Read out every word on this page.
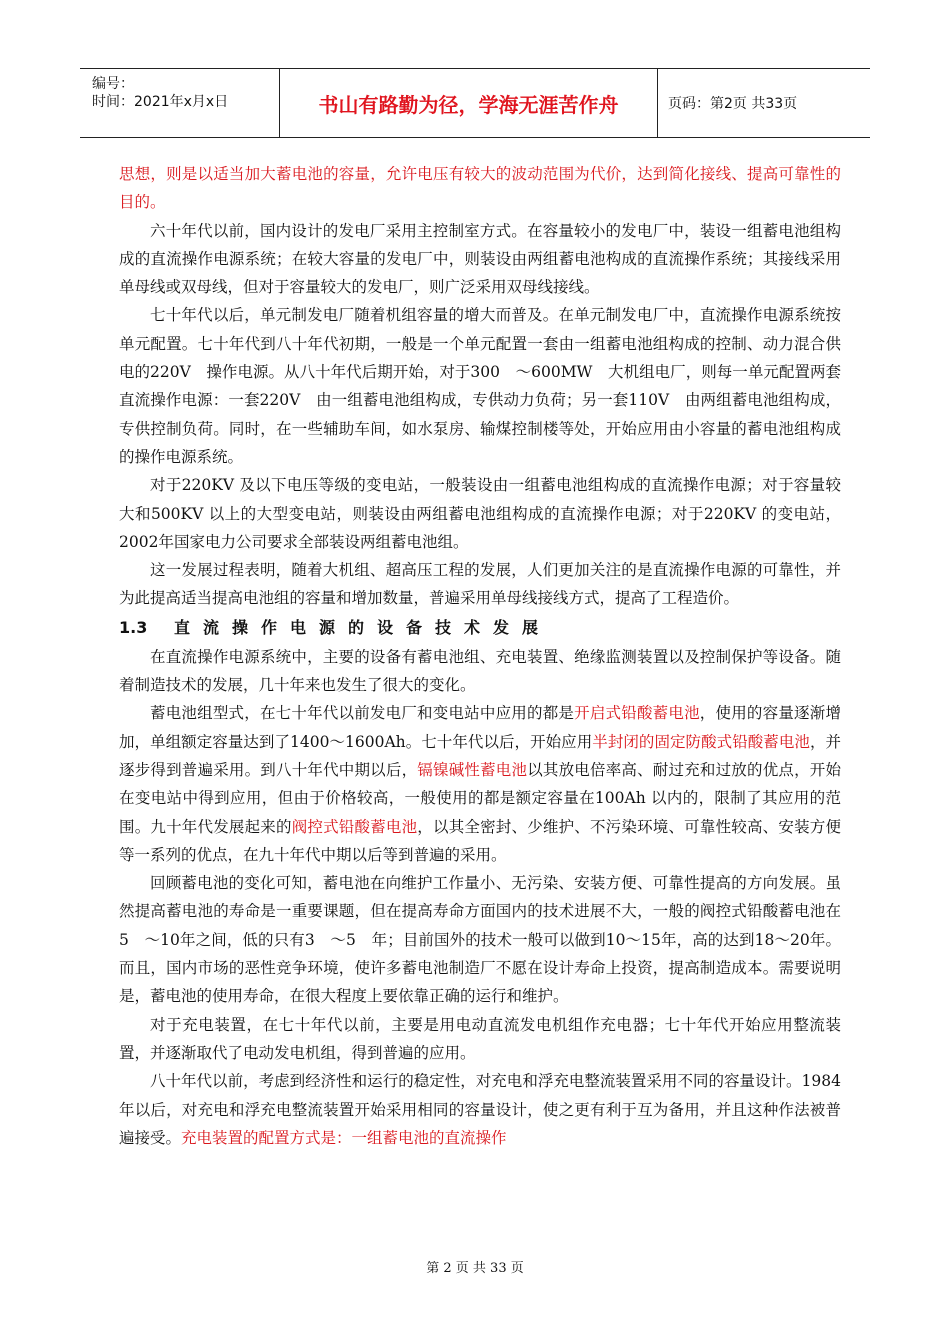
编号：
时间：2021年x月x日	书山有路勤为径，学海无涯苦作舟	页码：第2页 共33页

思想，则是以适当加大蓄电池的容量，允许电压有较大的波动范围为代价，达到简化接线、提高可靠性的目的。

六十年代以前，国内设计的发电厂采用主控制室方式。在容量较小的发电厂中，装设一组蓄电池组构成的直流操作电源系统；在较大容量的发电厂中，则装设由两组蓄电池构成的直流操作系统；其接线采用单母线或双母线，但对于容量较大的发电厂，则广泛采用双母线接线。

七十年代以后，单元制发电厂随着机组容量的增大而普及。在单元制发电厂中，直流操作电源系统按单元配置。七十年代到八十年代初期，一般是一个单元配置一套由一组蓄电池组构成的控制、动力混合供电的220V　操作电源。从八十年代后期开始，对于300　～600MW　大机组电厂，则每一单元配置两套直流操作电源：一套220V　由一组蓄电池组构成，专供动力负荷；另一套110V　由两组蓄电池组构成，专供控制负荷。同时，在一些辅助车间，如水泵房、输煤控制楼等处，开始应用由小容量的蓄电池组构成的操作电源系统。

对于220KV 及以下电压等级的变电站，一般装设由一组蓄电池组构成的直流操作电源；对于容量较大和500KV 以上的大型变电站，则装设由两组蓄电池组构成的直流操作电源；对于220KV 的变电站，2002年国家电力公司要求全部装设两组蓄电池组。

这一发展过程表明，随着大机组、超高压工程的发展，人们更加关注的是直流操作电源的可靠性，并为此提高适当提高电池组的容量和增加数量，普遍采用单母线接线方式，提高了工程造价。

1.3	直流操作电源的设备技术发展

在直流操作电源系统中，主要的设备有蓄电池组、充电装置、绝缘监测装置以及控制保护等设备。随着制造技术的发展，几十年来也发生了很大的变化。

蓄电池组型式，在七十年代以前发电厂和变电站中应用的都是开启式铅酸蓄电池，使用的容量逐渐增加，单组额定容量达到了1400～1600Ah。七十年代以后，开始应用半封闭的固定防酸式铅酸蓄电池，并逐步得到普遍采用。到八十年代中期以后，镉镍碱性蓄电池以其放电倍率高、耐过充和过放的优点，开始在变电站中得到应用，但由于价格较高，一般使用的都是额定容量在100Ah 以内的，限制了其应用的范围。九十年代发展起来的阀控式铅酸蓄电池，以其全密封、少维护、不污染环境、可靠性较高、安装方便等一系列的优点，在九十年代中期以后等到普遍的采用。

回顾蓄电池的变化可知，蓄电池在向维护工作量小、无污染、安装方便、可靠性提高的方向发展。虽然提高蓄电池的寿命是一重要课题，但在提高寿命方面国内的技术进展不大，一般的阀控式铅酸蓄电池在5　～10年之间，低的只有3　～5　年；目前国外的技术一般可以做到10～15年，高的达到18～20年。而且，国内市场的恶性竞争环境，使许多蓄电池制造厂不愿在设计寿命上投资，提高制造成本。需要说明是，蓄电池的使用寿命，在很大程度上要依靠正确的运行和维护。

对于充电装置，在七十年代以前，主要是用电动直流发电机组作充电器；七十年代开始应用整流装置，并逐渐取代了电动发电机组，得到普遍的应用。

八十年代以前，考虑到经济性和运行的稳定性，对充电和浮充电整流装置采用不同的容量设计。1984年以后，对充电和浮充电整流装置开始采用相同的容量设计，使之更有利于互为备用，并且这种作法被普遍接受。充电装置的配置方式是：一组蓄电池的直流操作

第 2 页 共 33 页
